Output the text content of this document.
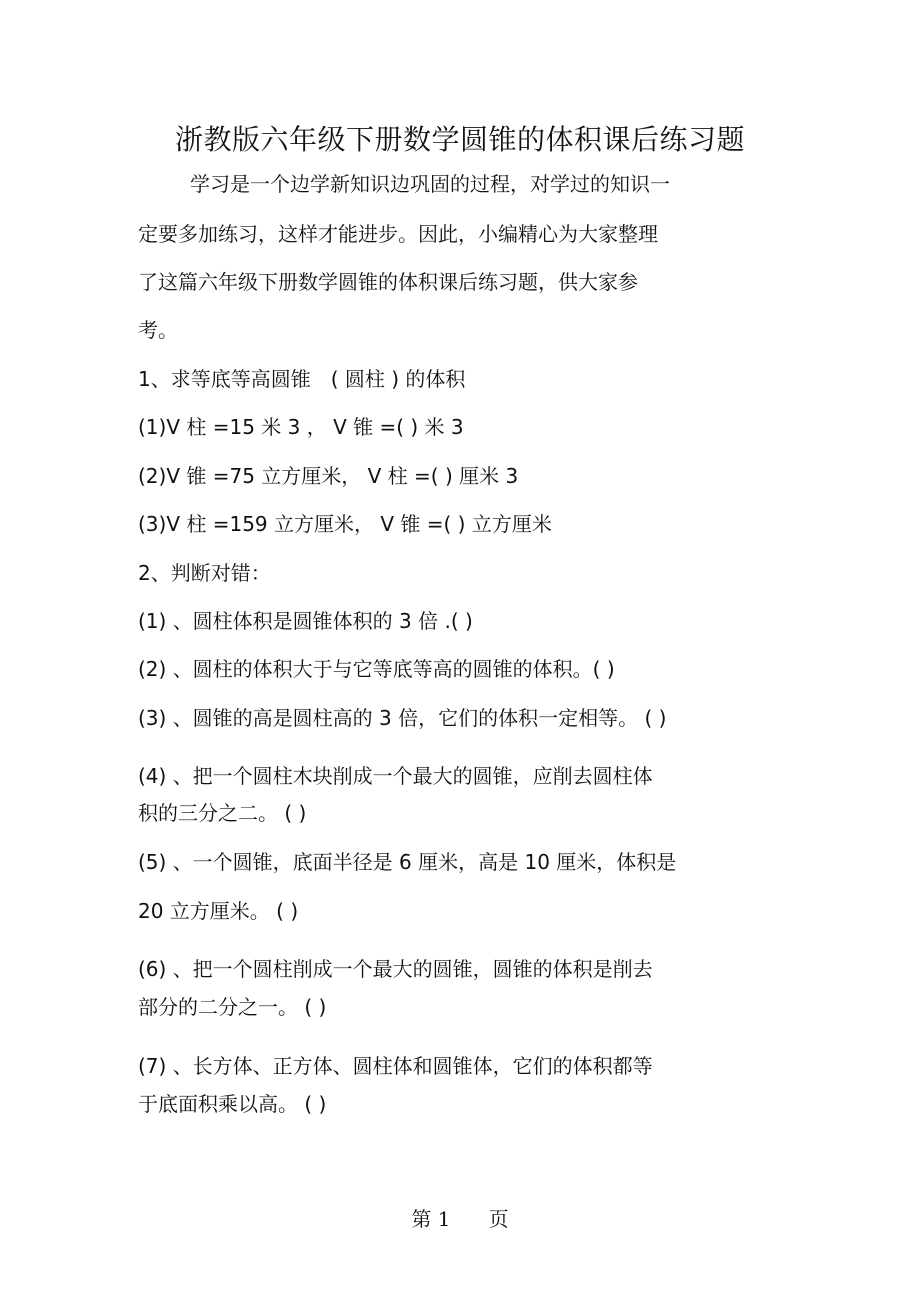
浙教版六年级下册数学圆锥的体积课后练习题
学习是一个边学新知识边巩固的过程，对学过的知识一
定要多加练习，这样才能进步。因此，小编精心为大家整理
了这篇六年级下册数学圆锥的体积课后练习题，供大家参
考。
1、求等底等高圆锥　( 圆柱 ) 的体积
(1)V 柱 =15 米 3 ， V 锥 =( ) 米 3
(2)V 锥 =75 立方厘米， V 柱 =( ) 厘米 3
(3)V 柱 =159 立方厘米， V 锥 =( ) 立方厘米
2、判断对错：
(1) 、圆柱体积是圆锥体积的 3 倍 .( )
(2) 、圆柱的体积大于与它等底等高的圆锥的体积。( )
(3) 、圆锥的高是圆柱高的 3 倍，它们的体积一定相等。 ( )
(4) 、把一个圆柱木块削成一个最大的圆锥，应削去圆柱体
积的三分之二。 ( )
(5) 、一个圆锥，底面半径是 6 厘米，高是 10 厘米，体积是
20 立方厘米。 ( )
(6) 、把一个圆柱削成一个最大的圆锥，圆锥的体积是削去
部分的二分之一。 ( )
(7) 、长方体、正方体、圆柱体和圆锥体，它们的体积都等
于底面积乘以高。 ( )
第 1      页
